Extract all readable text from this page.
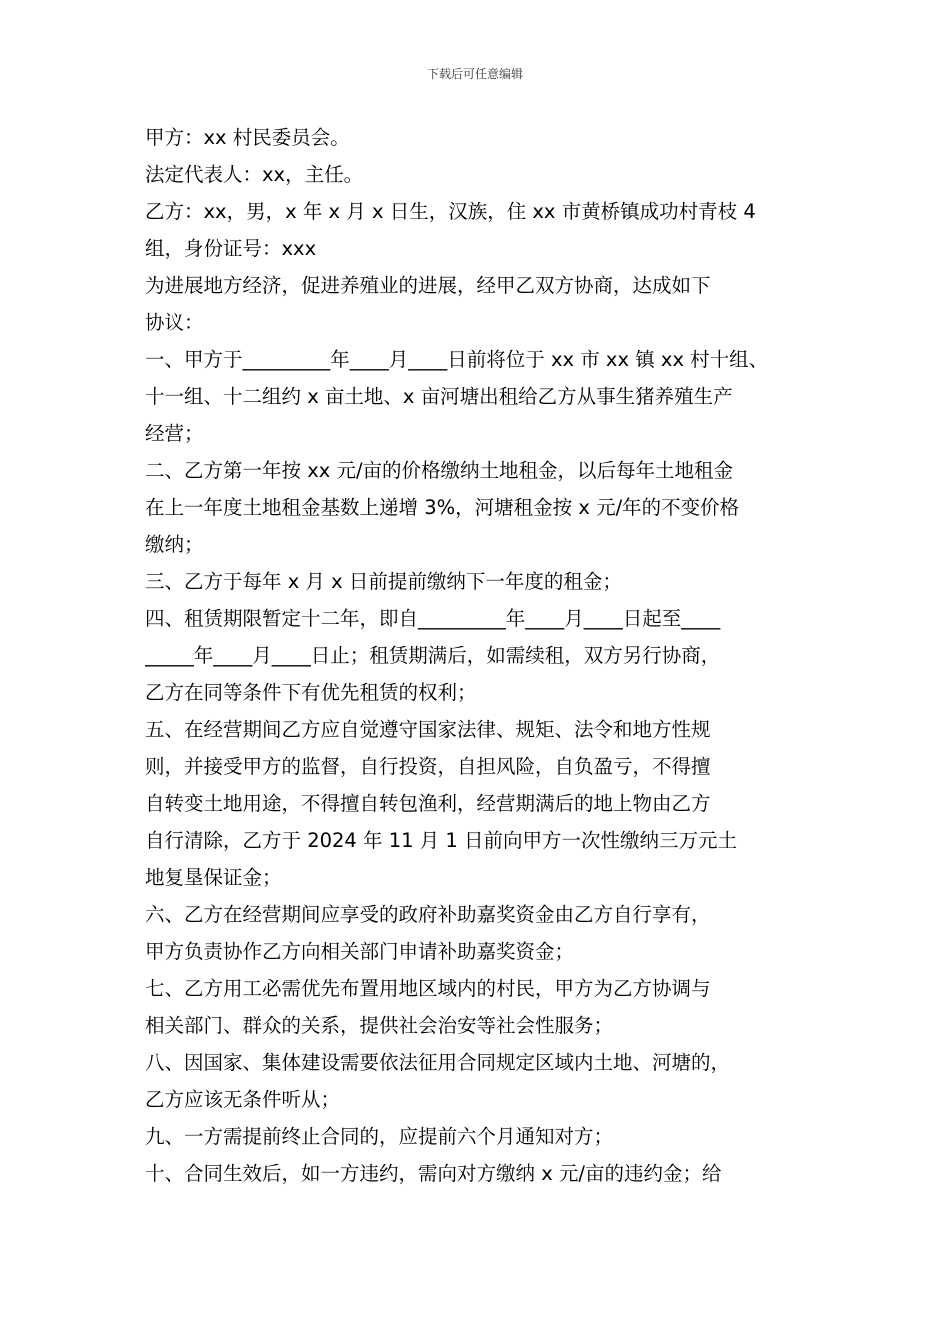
下载后可任意编辑
甲方：xx 村民委员会。
法定代表人：xx，主任。
乙方：xx，男，x 年 x 月 x 日生，汉族，住 xx 市黄桥镇成功村青枝 4
组，身份证号：xxx
为进展地方经济，促进养殖业的进展，经甲乙双方协商，达成如下
协议：
一、甲方于_________年____月____日前将位于 xx 市 xx 镇 xx 村十组、
十一组、十二组约 x 亩土地、x 亩河塘出租给乙方从事生猪养殖生产
经营；
二、乙方第一年按 xx 元/亩的价格缴纳土地租金，以后每年土地租金
在上一年度土地租金基数上递增 3%，河塘租金按 x 元/年的不变价格
缴纳；
三、乙方于每年 x 月 x 日前提前缴纳下一年度的租金；
四、租赁期限暂定十二年，即自_________年____月____日起至____
_____年____月____日止；租赁期满后，如需续租，双方另行协商，
乙方在同等条件下有优先租赁的权利；
五、在经营期间乙方应自觉遵守国家法律、规矩、法令和地方性规
则，并接受甲方的监督，自行投资，自担风险，自负盈亏，不得擅
自转变土地用途，不得擅自转包渔利，经营期满后的地上物由乙方
自行清除，乙方于 2024 年 11 月 1 日前向甲方一次性缴纳三万元土
地复垦保证金；
六、乙方在经营期间应享受的政府补助嘉奖资金由乙方自行享有，
甲方负责协作乙方向相关部门申请补助嘉奖资金；
七、乙方用工必需优先布置用地区域内的村民，甲方为乙方协调与
相关部门、群众的关系，提供社会治安等社会性服务；
八、因国家、集体建设需要依法征用合同规定区域内土地、河塘的，
乙方应该无条件听从；
九、一方需提前终止合同的，应提前六个月通知对方；
十、合同生效后，如一方违约，需向对方缴纳 x 元/亩的违约金；给
